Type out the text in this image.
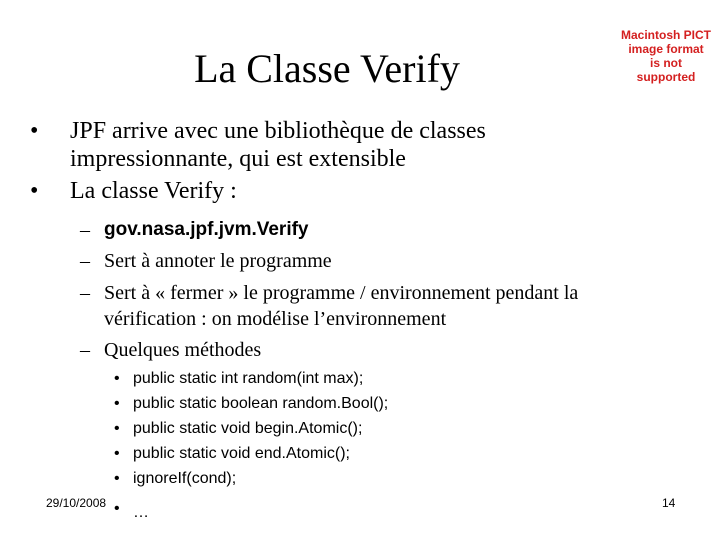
La Classe Verify
Macintosh PICT
image format
is not supported
• JPF arrive avec une bibliothèque de classes
impressionnante, qui est extensible
• La classe Verify :
– gov.nasa.jpf.jvm.Verify
– Sert à annoter le programme
– Sert à « fermer » le programme / environnement pendant la
vérification : on modélise l’environnement
– Quelques méthodes
• public static int random(int max);
• public static boolean random.Bool();
• public static void begin.Atomic();
• public static void end.Atomic();
• ignoreIf(cond);
• …
29/10/2008	14
